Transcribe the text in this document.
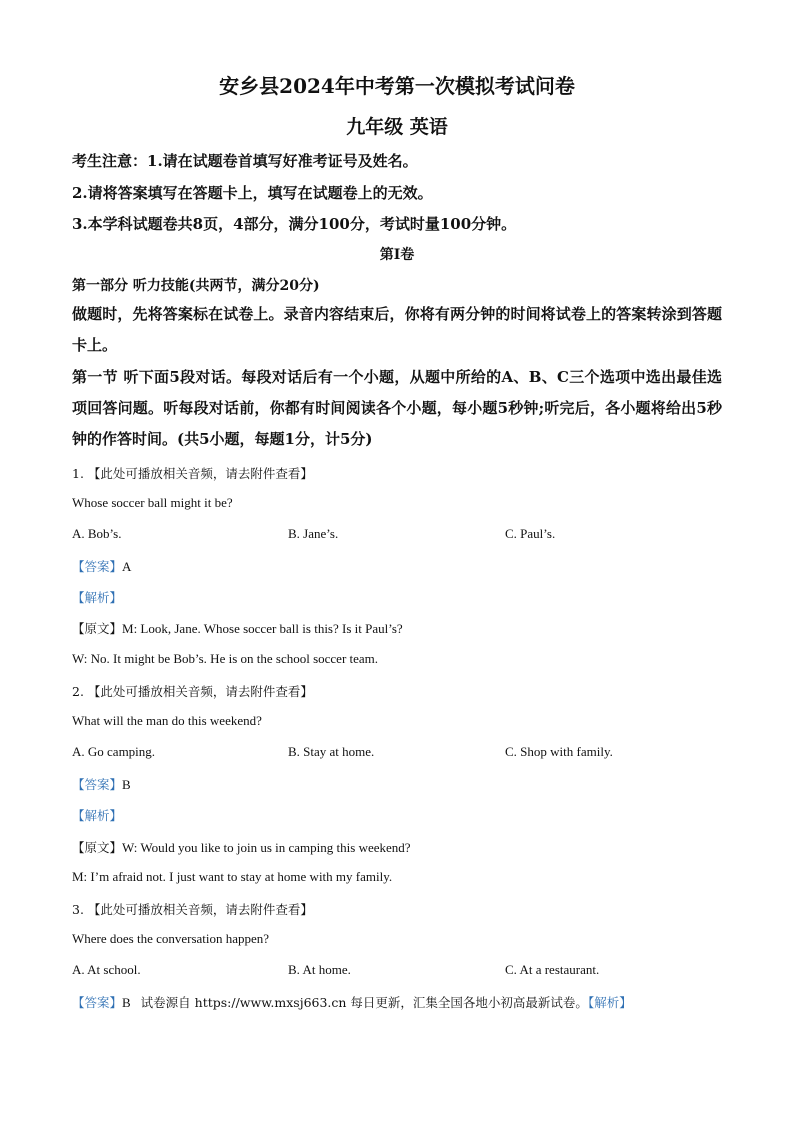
安乡县2024年中考第一次模拟考试问卷
九年级 英语
考生注意：1.请在试题卷首填写好准考证号及姓名。
2.请将答案填写在答题卡上，填写在试题卷上的无效。
3.本学科试题卷共8页，4部分，满分100分，考试时量100分钟。
第I卷
第一部分 听力技能(共两节，满分20分)
做题时，先将答案标在试卷上。录音内容结束后，你将有两分钟的时间将试卷上的答案转涂到答题卡上。
第一节 听下面5段对话。每段对话后有一个小题，从题中所给的A、B、C三个选项中选出最佳选项回答问题。听每段对话前，你都有时间阅读各个小题，每小题5秒钟;听完后，各小题将给出5秒钟的作答时间。(共5小题，每题1分，计5分)
1. 【此处可播放相关音频，请去附件查看】
Whose soccer ball might it be?
A. Bob’s.	B. Jane’s.	C. Paul’s.
【答案】A
【解析】
【原文】M: Look, Jane. Whose soccer ball is this? Is it Paul’s?
W: No. It might be Bob’s. He is on the school soccer team.
2. 【此处可播放相关音频，请去附件查看】
What will the man do this weekend?
A. Go camping.	B. Stay at home.	C. Shop with family.
【答案】B
【解析】
【原文】W: Would you like to join us in camping this weekend?
M: I’m afraid not. I just want to stay at home with my family.
3. 【此处可播放相关音频，请去附件查看】
Where does the conversation happen?
A. At school.	B. At home.	C. At a restaurant.
【答案】B 试卷源自 https://www.mxsj663.cn 每日更新，汇集全国各地小初高最新试卷。【解析】
